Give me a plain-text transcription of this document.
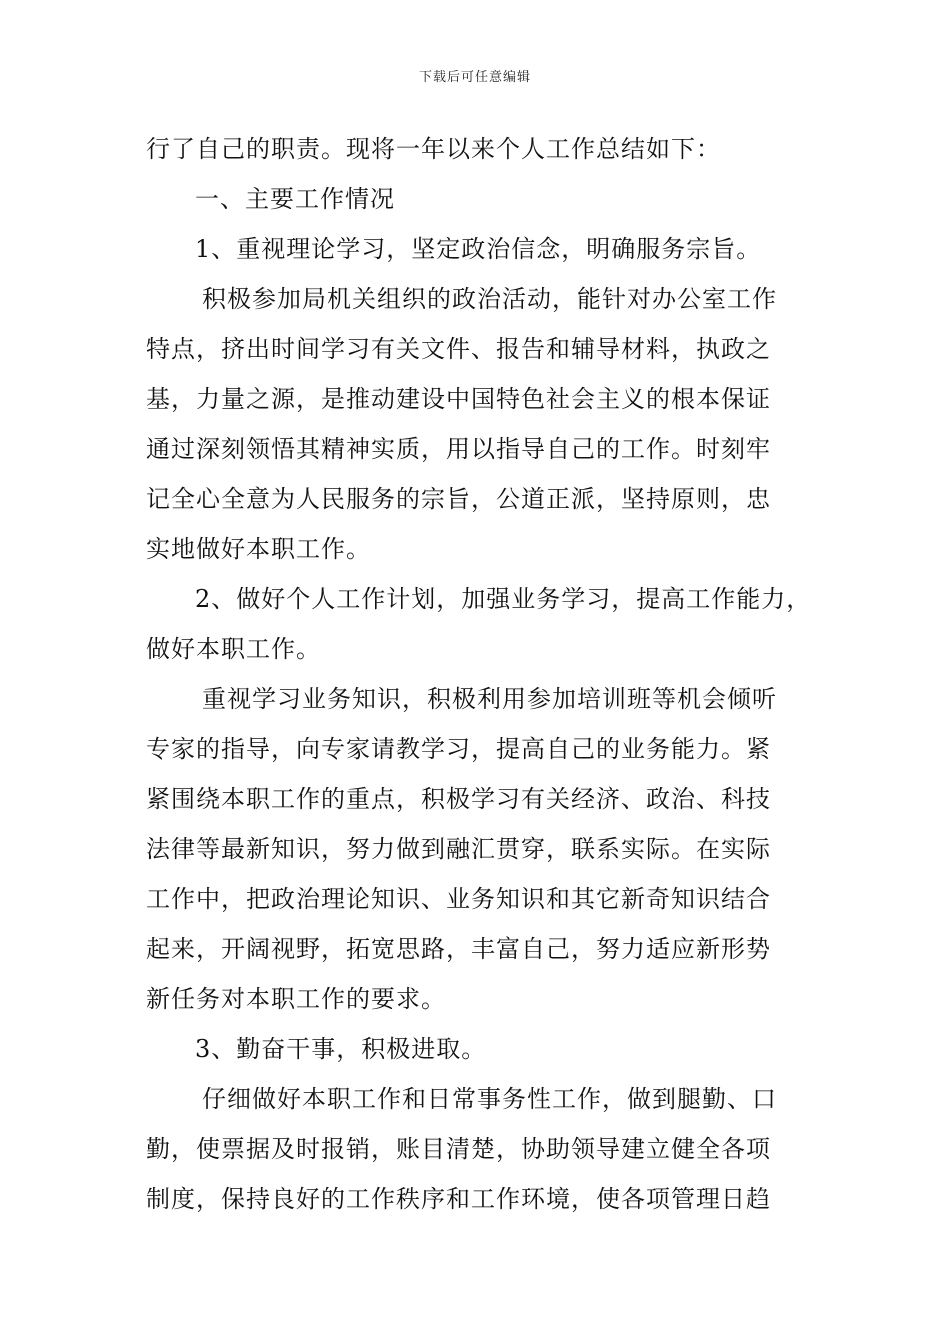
下载后可任意编辑
行了自己的职责。现将一年以来个人工作总结如下：
一、主要工作情况
1、重视理论学习，坚定政治信念，明确服务宗旨。
积极参加局机关组织的政治活动，能针对办公室工作
特点，挤出时间学习有关文件、报告和辅导材料，执政之
基，力量之源，是推动建设中国特色社会主义的根本保证
通过深刻领悟其精神实质，用以指导自己的工作。时刻牢
记全心全意为人民服务的宗旨，公道正派，坚持原则，忠
实地做好本职工作。
2、做好个人工作计划，加强业务学习，提高工作能力，
做好本职工作。
重视学习业务知识，积极利用参加培训班等机会倾听
专家的指导，向专家请教学习，提高自己的业务能力。紧
紧围绕本职工作的重点，积极学习有关经济、政治、科技
法律等最新知识，努力做到融汇贯穿，联系实际。在实际
工作中，把政治理论知识、业务知识和其它新奇知识结合
起来，开阔视野，拓宽思路，丰富自己，努力适应新形势
新任务对本职工作的要求。
3、勤奋干事，积极进取。
仔细做好本职工作和日常事务性工作，做到腿勤、口
勤，使票据及时报销，账目清楚，协助领导建立健全各项
制度，保持良好的工作秩序和工作环境，使各项管理日趋
